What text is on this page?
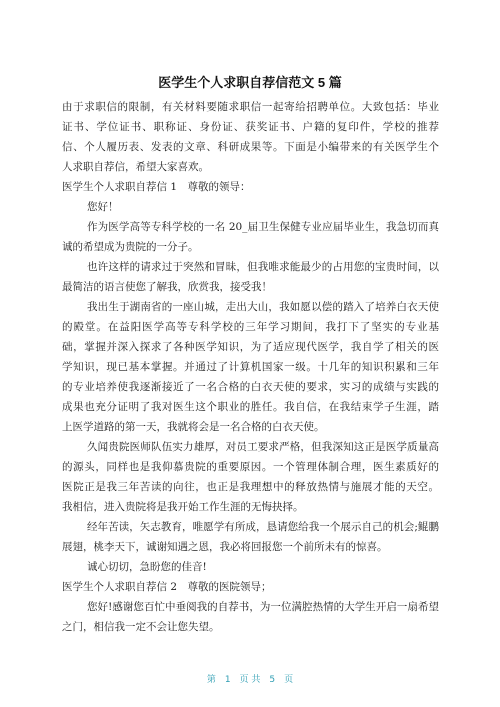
医学生个人求职自荐信范文 5 篇
由于求职信的限制，有关材料要随求职信一起寄给招聘单位。大致包括：毕业
证书、学位证书、职称证、身份证、获奖证书、户籍的复印件，学校的推荐
信、个人履历表、发表的文章、科研成果等。下面是小编带来的有关医学生个
人求职自荐信，希望大家喜欢。
医学生个人求职自荐信 1　尊敬的领导：
您好！
作为医学高等专科学校的一名 20_届卫生保健专业应届毕业生，我急切而真
诚的希望成为贵院的一分子。
也许这样的请求过于突然和冒昧，但我唯求能最少的占用您的宝贵时间，以
最简洁的语言使您了解我，欣赏我，接受我！
我出生于湖南省的一座山城，走出大山，我如愿以偿的踏入了培养白衣天使
的殿堂。在益阳医学高等专科学校的三年学习期间，我打下了坚实的专业基
础，掌握并深入探求了各种医学知识，为了适应现代医学，我自学了相关的医
学知识，现已基本掌握。并通过了计算机国家一级。十几年的知识积累和三年
的专业培养使我逐渐接近了一名合格的白衣天使的要求，实习的成绩与实践的
成果也充分证明了我对医生这个职业的胜任。我自信，在我结束学子生涯，踏
上医学道路的第一天，我就将会是一名合格的白衣天使。
久闻贵院医师队伍实力雄厚，对员工要求严格，但我深知这正是医学质量高
的源头，同样也是我仰慕贵院的重要原因。一个管理体制合理，医生素质好的
医院正是我三年苦读的向往，也正是我理想中的释放热情与施展才能的天空。
我相信，进入贵院将是我开始工作生涯的无悔抉择。
经年苦读，矢志教育，唯愿学有所成，恳请您给我一个展示自己的机会;鲲鹏
展翅，桃李天下，诚谢知遇之恩，我必将回报您一个前所未有的惊喜。
诚心切切，急盼您的佳音!
医学生个人求职自荐信 2　尊敬的医院领导；
您好!感谢您百忙中垂阅我的自荐书，为一位满腔热情的大学生开启一扇希望
之门，相信我一定不会让您失望。
第　1　页 共　5　页
